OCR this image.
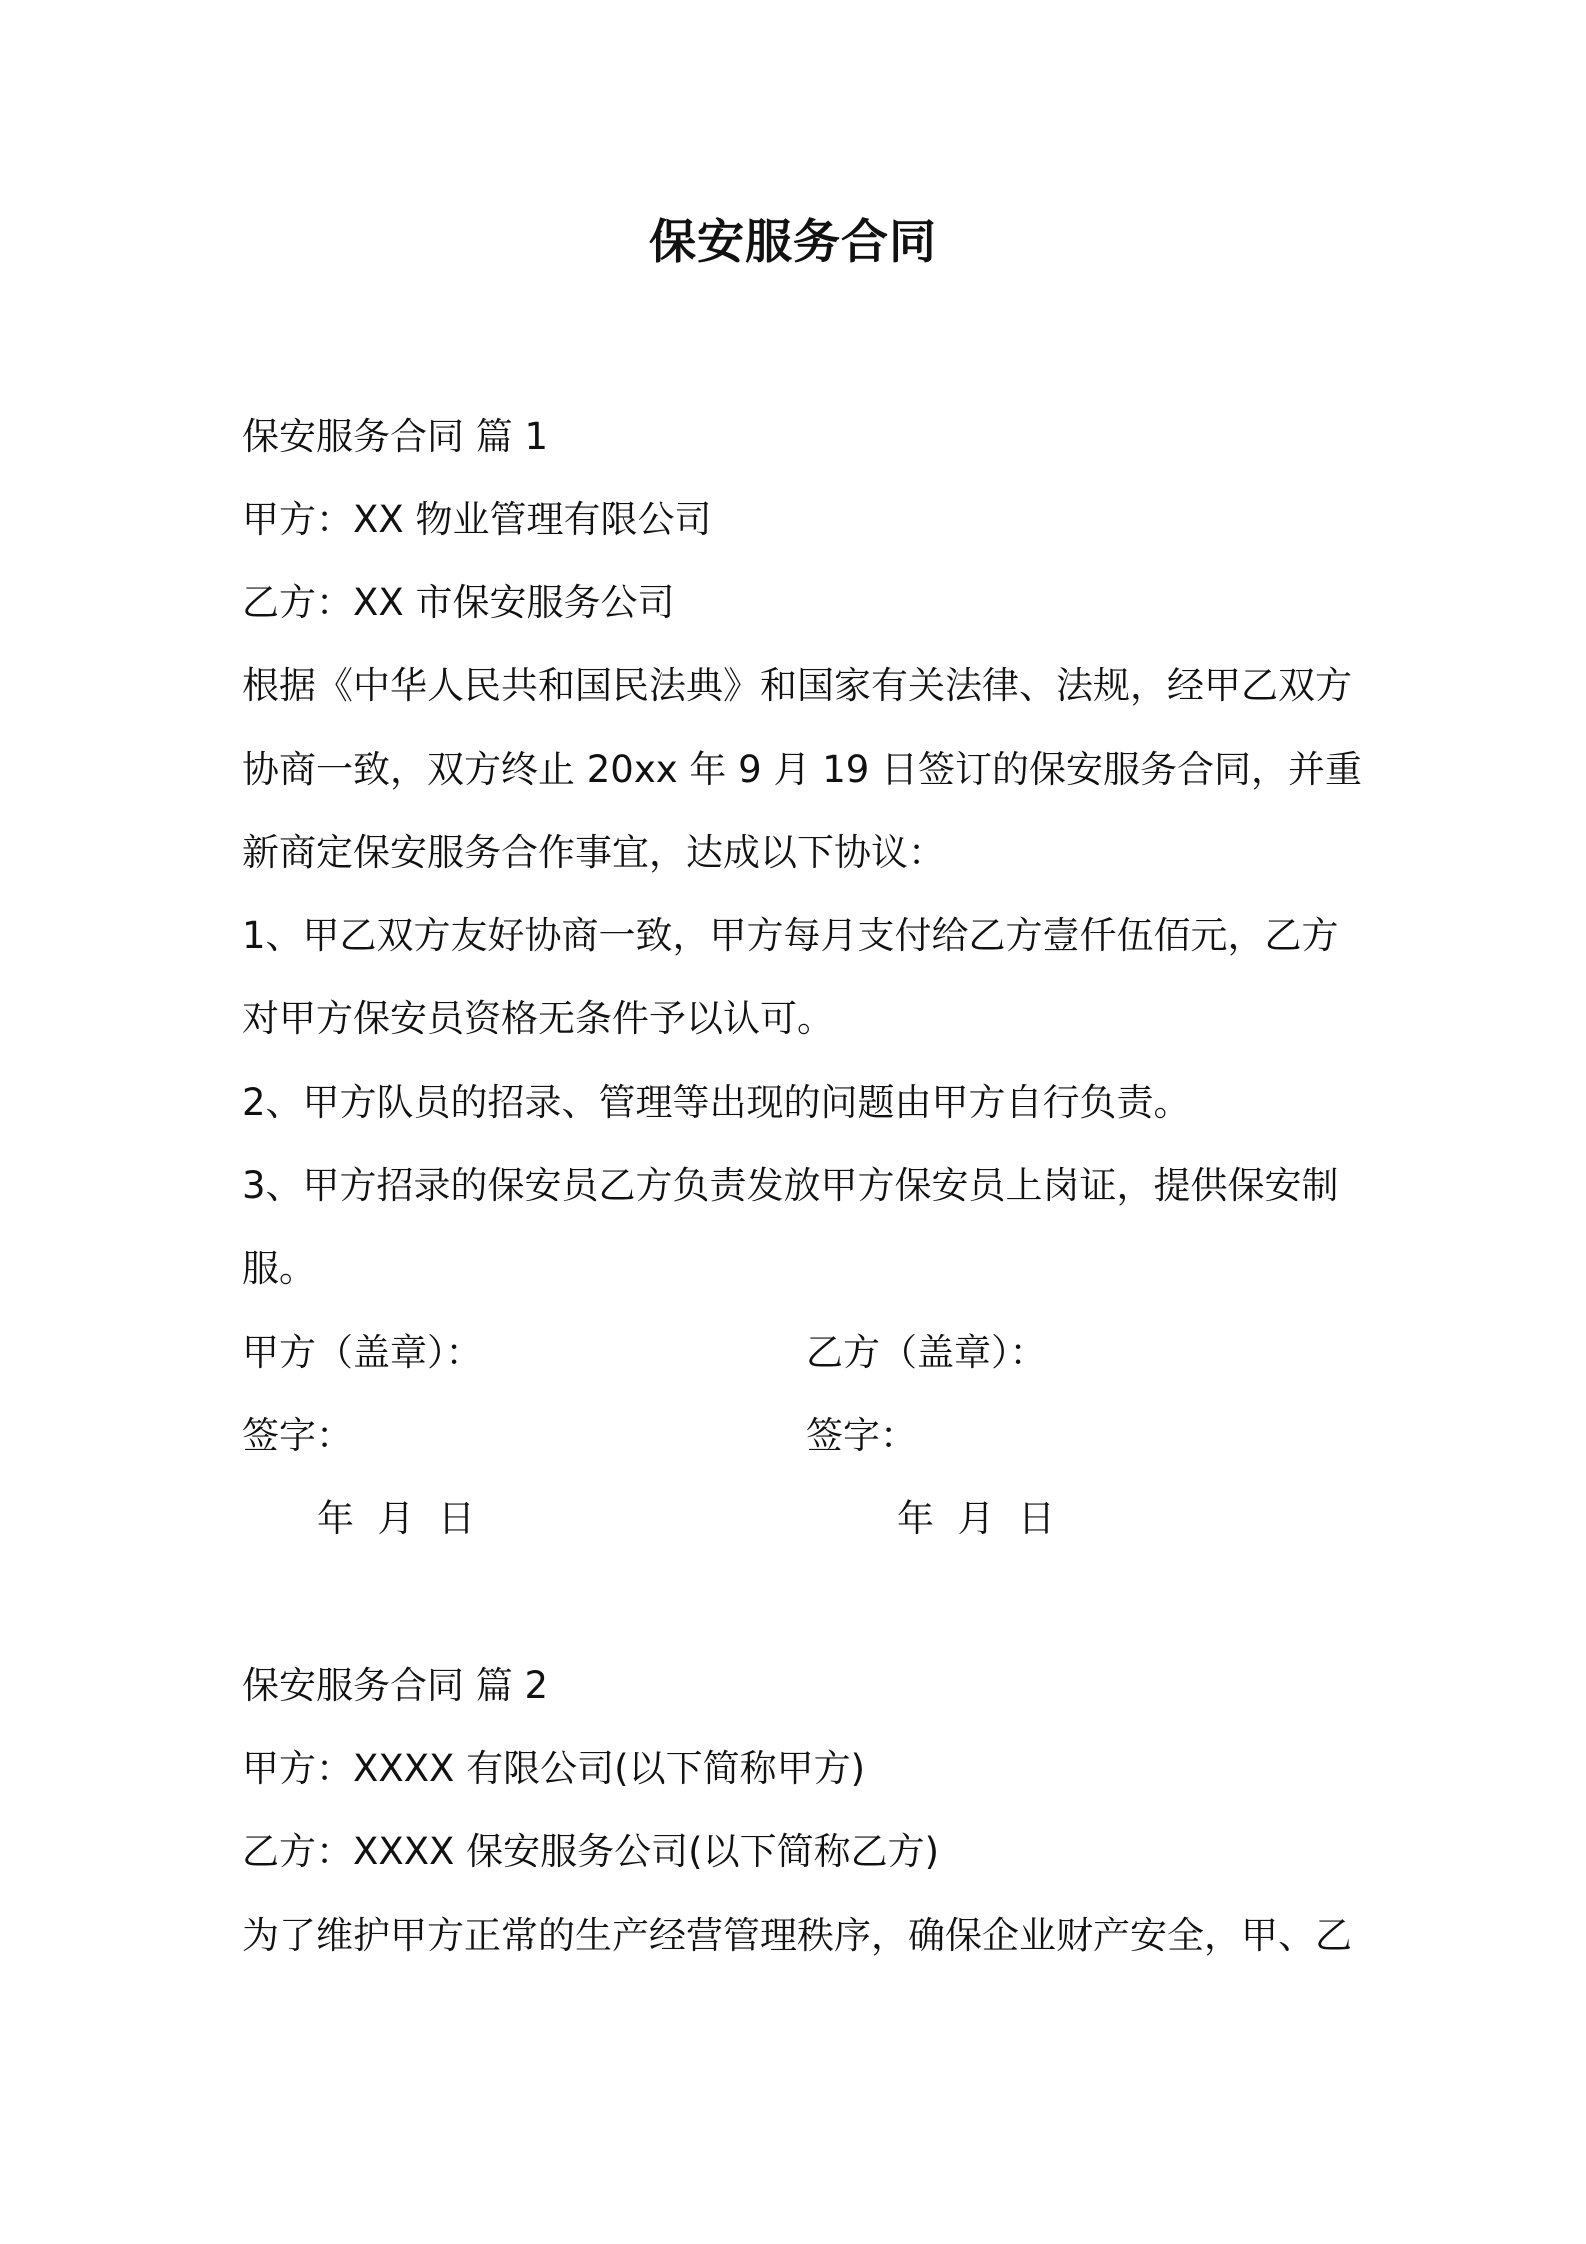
保安服务合同
保安服务合同 篇 1
甲方：XX 物业管理有限公司
乙方：XX 市保安服务公司
根据《中华人民共和国民法典》和国家有关法律、法规，经甲乙双方
协商一致，双方终止 20xx 年 9 月 19 日签订的保安服务合同，并重
新商定保安服务合作事宜，达成以下协议：
1、甲乙双方友好协商一致，甲方每月支付给乙方壹仟伍佰元，乙方
对甲方保安员资格无条件予以认可。
2、甲方队员的招录、管理等出现的问题由甲方自行负责。
3、甲方招录的保安员乙方负责发放甲方保安员上岗证，提供保安制
服。
甲方（盖章）：	乙方（盖章）：
签字：	签字：
年  月  日	年  月  日
保安服务合同 篇 2
甲方：XXXX 有限公司(以下简称甲方)
乙方：XXXX 保安服务公司(以下简称乙方)
为了维护甲方正常的生产经营管理秩序，确保企业财产安全，甲、乙
